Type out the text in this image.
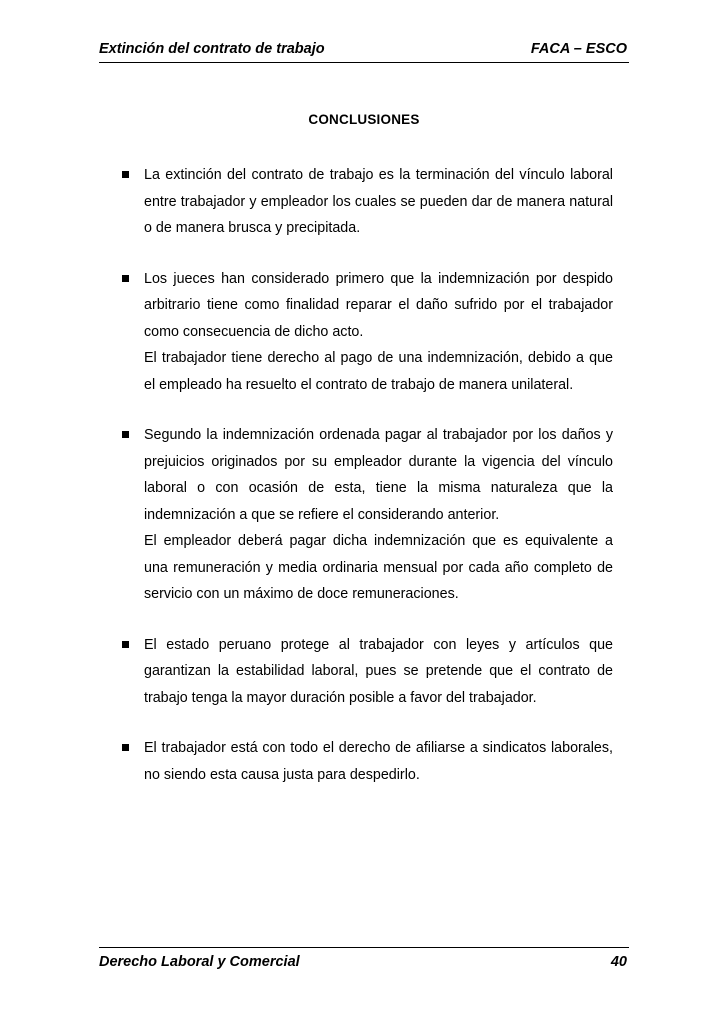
Extinción del contrato de trabajo	FACA – ESCO
CONCLUSIONES

La extinción del contrato de trabajo es la terminación del vínculo laboral entre trabajador y empleador los cuales se pueden dar de manera natural o de manera brusca y precipitada.

Los jueces han considerado primero que la indemnización por despido arbitrario tiene como finalidad reparar el daño sufrido por el trabajador como consecuencia de dicho acto.

El trabajador tiene derecho al pago de una indemnización, debido a que el empleado ha resuelto el contrato de trabajo de manera unilateral.

Segundo la indemnización ordenada pagar al trabajador por los daños y prejuicios originados por su empleador durante la vigencia del vínculo laboral o con ocasión de esta, tiene la misma naturaleza que la indemnización a que se refiere el considerando anterior.

El empleador deberá pagar dicha indemnización que es equivalente a una remuneración y media ordinaria mensual por cada año completo de servicio con un máximo de doce remuneraciones.

El estado peruano protege al trabajador con leyes y artículos que garantizan la estabilidad laboral, pues se pretende que el contrato de trabajo tenga la mayor duración posible a favor del trabajador.

El trabajador está con todo el derecho de afiliarse a sindicatos laborales, no siendo esta causa justa para despedirlo.

Derecho Laboral y Comercial	40
